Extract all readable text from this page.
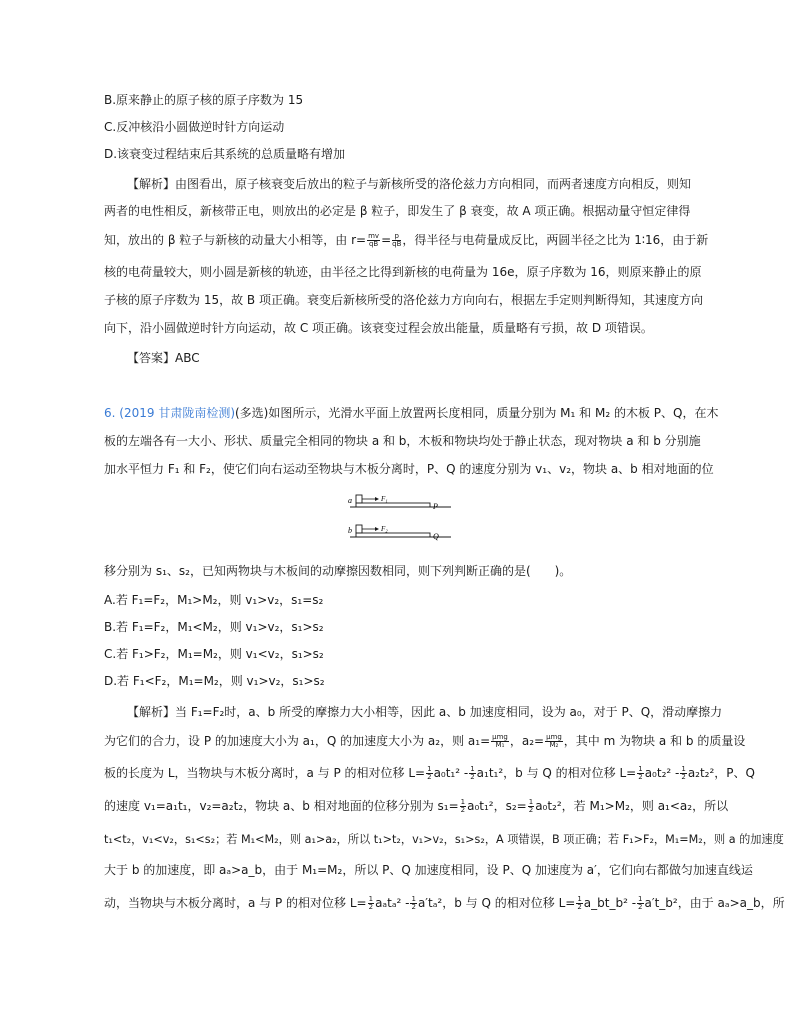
B.原来静止的原子核的原子序数为 15
C.反冲核沿小圆做逆时针方向运动
D.该衰变过程结束后其系统的总质量略有增加
【解析】由图看出，原子核衰变后放出的粒子与新核所受的洛伦兹力方向相同，而两者速度方向相反，则知
两者的电性相反，新核带正电，则放出的必定是 β 粒子，即发生了 β 衰变，故 A 项正确。根据动量守恒定律得
知，放出的 β 粒子与新核的动量大小相等，由 $r= \frac{mv}{qB} = \frac{p}{qB}$ ，得半径与电荷量成反比，两圆半径之比为 1∶16，由于新
核的电荷量较大，则小圆是新核的轨迹，由半径之比得到新核的电荷量为 16e，原子序数为 16，则原来静止的原
子核的原子序数为 15，故 B 项正确。衰变后新核所受的洛伦兹力方向向右，根据左手定则判断得知，其速度方向
向下，沿小圆做逆时针方向运动，故 C 项正确。该衰变过程会放出能量，质量略有亏损，故 D 项错误。
【答案】ABC
6. (2019 甘肃陇南检测)(多选)如图所示，光滑水平面上放置两长度相同，质量分别为 M₁ 和 M₂ 的木板 P、Q，在木
板的左端各有一大小、形状、质量完全相同的物块 a 和 b，木板和物块均处于静止状态，现对物块 a 和 b 分别施
加水平恒力 F₁ 和 F₂，使它们向右运动至物块与木板分离时，P、Q 的速度分别为 v₁、v₂，物块 a、b 相对地面的位
a	F₁
P
b	F₂
Q
移分别为 s₁、s₂，已知两物块与木板间的动摩擦因数相同，则下列判断正确的是(　　)。
A.若 F₁=F₂，M₁>M₂，则 v₁>v₂，s₁=s₂
B.若 F₁=F₂，M₁<M₂，则 v₁>v₂，s₁>s₂
C.若 F₁>F₂，M₁=M₂，则 v₁<v₂，s₁>s₂
D.若 F₁<F₂，M₁=M₂，则 v₁>v₂，s₁>s₂
【解析】当 F₁=F₂时，a、b 所受的摩擦力大小相等，因此 a、b 加速度相同，设为 a₀，对于 P、Q，滑动摩擦力
为它们的合力，设 P 的加速度大小为 a₁，Q 的加速度大小为 a₂，则 $a_1= \frac{\text{μmg}}{\text{M₁}}$ ，$a_2= \frac{\text{μmg}}{\text{M₂}}$ ，其中 m 为物块 a 和 b 的质量设
板的长度为 L，当物块与木板分离时，a 与 P 的相对位移 $L= \frac{1}{2} a_0t_1^2 - \frac{1}{2} a_1t_1^2$，b 与 Q 的相对位移 $L= \frac{1}{2} a_0t_2^2 - \frac{1}{2} a_2t_2^2$，P、Q
的速度 v₁=a₁t₁，v₂=a₂t₂，物块 a、b 相对地面的位移分别为 $s_1= \frac{1}{2} a_0t_1^2$，$s_2= \frac{1}{2} a_0t_2^2$，若 M₁>M₂，则 a₁<a₂，所以
t₁<t₂，v₁<v₂，s₁<s₂；若 M₁<M₂，则 a₁>a₂，所以 t₁>t₂，v₁>v₂，s₁>s₂，A 项错误，B 项正确；若 F₁>F₂，M₁=M₂，则 a 的加速度
大于 b 的加速度，即 aₐ>a_b，由于 M₁=M₂，所以 P、Q 加速度相同，设 P、Q 加速度为 a′，它们向右都做匀加速直线运
动，当物块与木板分离时，a 与 P 的相对位移 $L= \frac{1}{2} a_at_a^2 - \frac{1}{2} a't_a^2$，b 与 Q 的相对位移 $L= \frac{1}{2}$ a_bt_b² - $\frac{1}{2}$ a′t_b²，由于 aₐ>a_b，所
